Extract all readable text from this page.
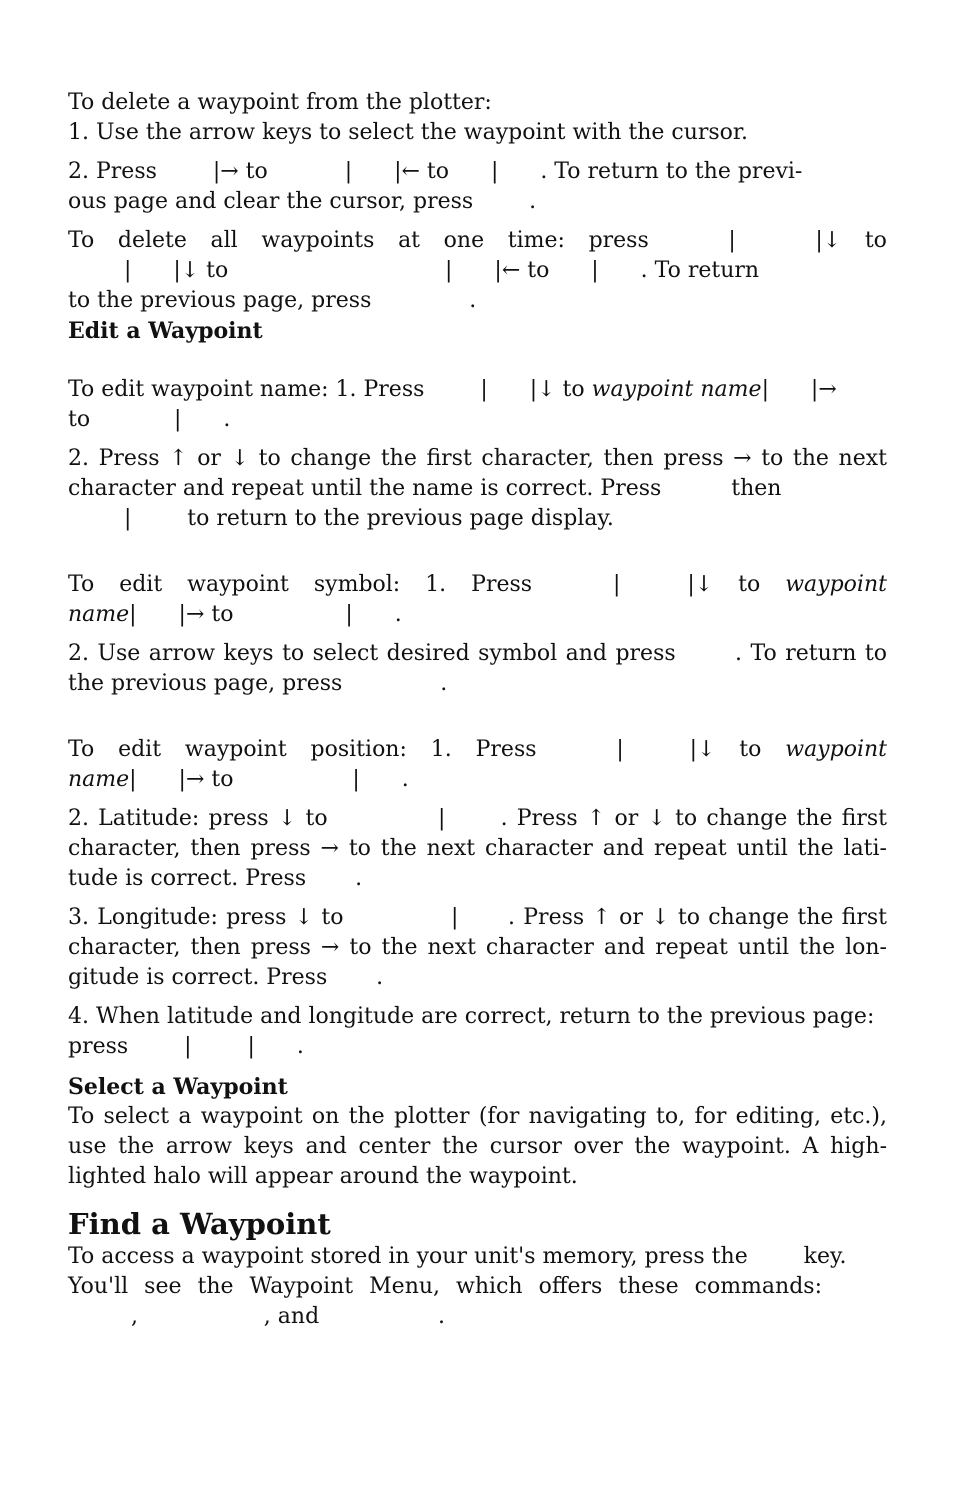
To delete a waypoint from the plotter:

1. Use the arrow keys to select the waypoint with the cursor.

2. Press        |→ to           |      |← to      |      . To return to the previ-
ous page and clear the cursor, press        .
To delete all waypoints at one time: press | |↓ to
|      |↓ to                               |      |← to      |      . To return
to the previous page, press              .
Edit a Waypoint
To edit waypoint name: 1. Press        |      |↓ to waypoint name|      |→
to            |      .

2. Press ↑ or ↓ to change the first character, then press → to the next character and repeat until the name is correct. Press          then

|        to return to the previous page display.
To edit waypoint symbol: 1. Press | |↓ to waypoint
name|      |→ to                |      .

2. Use arrow keys to select desired symbol and press       . To return to the previous page, press              .

To edit waypoint position: 1. Press | |↓ to waypoint
name|      |→ to                 |      .

2. Latitude: press ↓ to            |      . Press ↑ or ↓ to change the first character, then press → to the next character and repeat until the lati-tude is correct. Press       .

3. Longitude: press ↓ to             |      . Press ↑ or ↓ to change the first character, then press → to the next character and repeat until the lon-gitude is correct. Press       .

4. When latitude and longitude are correct, return to the previous page:
press        |        |      .
Select a Waypoint

To select a waypoint on the plotter (for navigating to, for editing, etc.), use the arrow keys and center the cursor over the waypoint. A high-lighted halo will appear around the waypoint.

Find a Waypoint
To access a waypoint stored in your unit's memory, press the        key.
You'll see the Waypoint Menu, which offers these commands:

,                  , and                 .
